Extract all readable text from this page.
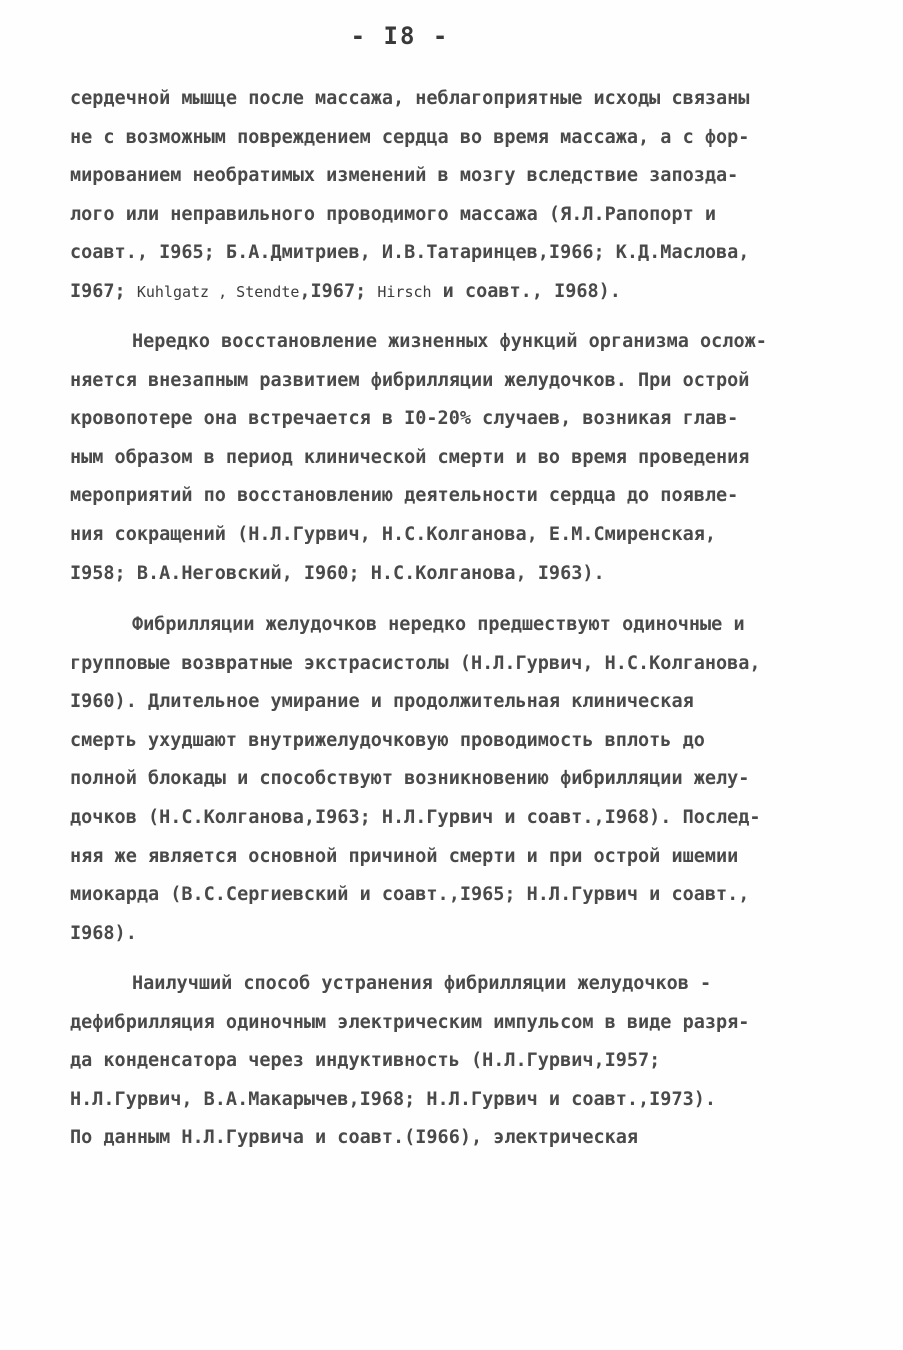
- I8 -
сердечной мышце после массажа, неблагоприятные исходы связаны
не с возможным повреждением сердца во время массажа, а с фор-
мированием необратимых изменений в мозгу вследствие запозда-
лого или неправильного проводимого массажа (Я.Л.Рапопорт и
соавт., I965; Б.А.Дмитриев, И.В.Татаринцев,I966; К.Д.Маслова,
I967; Kuhlgatz , Stendte,I967; Hirsch и соавт., I968).
Нередко восстановление жизненных функций организма ослож-
няется внезапным развитием фибрилляции желудочков. При острой
кровопотере она встречается в I0-20% случаев, возникая глав-
ным образом в период клинической смерти и во время проведения
мероприятий по восстановлению деятельности сердца до появле-
ния сокращений (Н.Л.Гурвич, Н.С.Колганова, Е.М.Смиренская,
I958; В.А.Неговский, I960; Н.С.Колганова, I963).
Фибрилляции желудочков нередко предшествуют одиночные и
групповые возвратные экстрасистолы (Н.Л.Гурвич, Н.С.Колганова,
I960). Длительное умирание и продолжительная клиническая
смерть ухудшают внутрижелудочковую проводимость вплоть до
полной блокады и способствуют возникновению фибрилляции желу-
дочков (Н.С.Колганова,I963; Н.Л.Гурвич и соавт.,I968). Послед-
няя же является основной причиной смерти и при острой ишемии
миокарда (В.С.Сергиевский и соавт.,I965; Н.Л.Гурвич и соавт.,
I968).
Наилучший способ устранения фибрилляции желудочков -
дефибрилляция одиночным электрическим импульсом в виде разря-
да конденсатора через индуктивность (Н.Л.Гурвич,I957;
Н.Л.Гурвич, В.А.Макарычев,I968; Н.Л.Гурвич и соавт.,I973).
По данным Н.Л.Гурвича и соавт.(I966), электрическая
